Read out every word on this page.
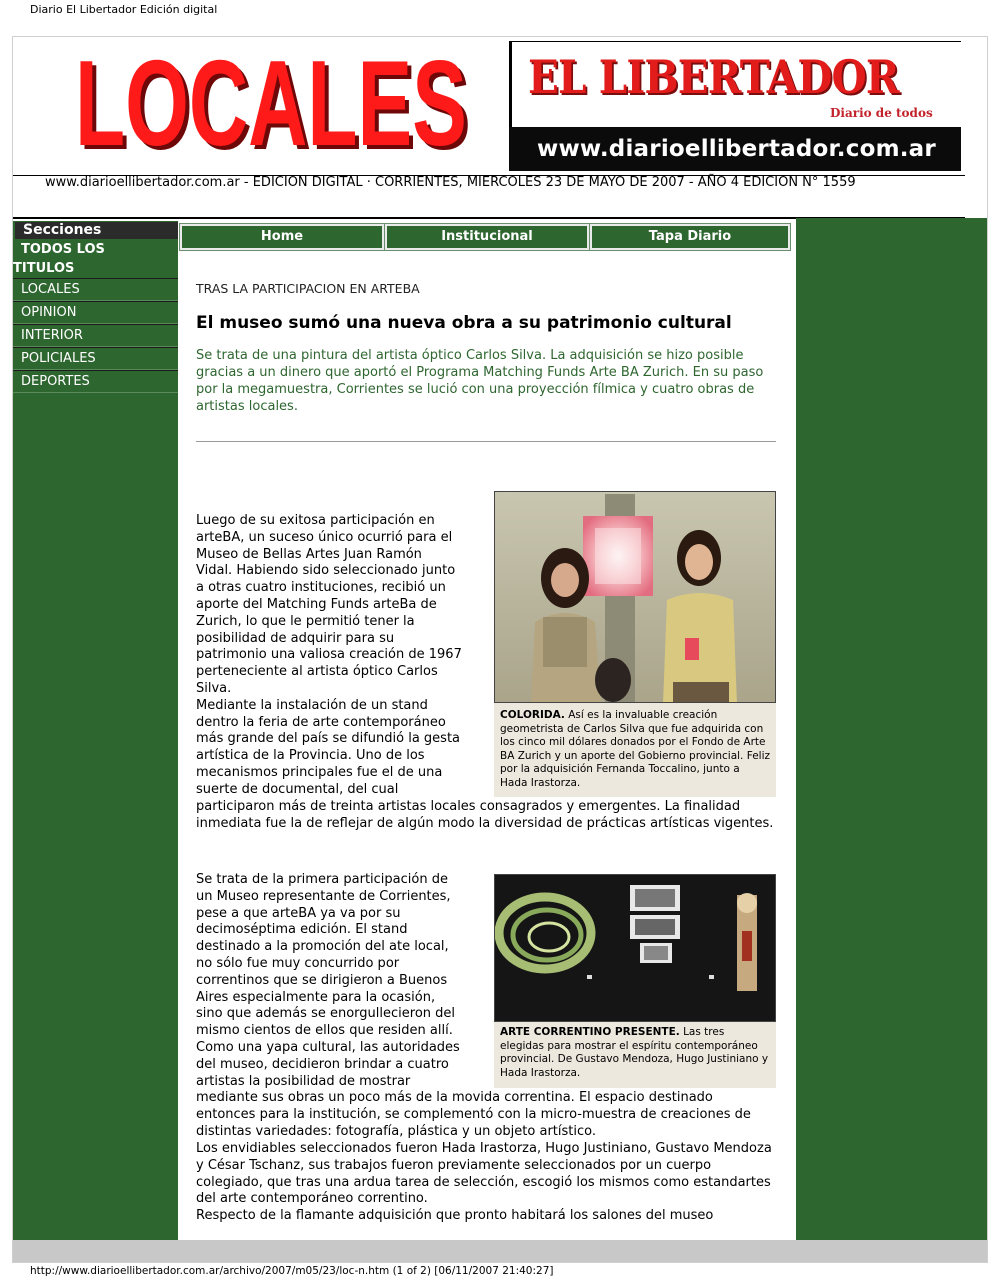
Diario El Libertador Edición digital
LOCALES
LOCALES EL LIBERTADOR
Diario de todos
www.diarioellibertador.com.ar
www.diarioellibertador.com.ar - EDICION DIGITAL · CORRIENTES, MIERCOLES 23 DE MAYO DE 2007 - AÑO 4 EDICION N° 1559
Secciones
TODOS LOS
TITULOS
LOCALES
OPINION
INTERIOR
POLICIALES
DEPORTES
Home	Institucional	Tapa Diario
TRAS LA PARTICIPACION EN ARTEBA
El museo sumó una nueva obra a su patrimonio cultural
Se trata de una pintura del artista óptico Carlos Silva. La adquisición se hizo posible gracias a un dinero que aportó el Programa Matching Funds Arte BA Zurich. En su paso por la megamuestra, Corrientes se lució con una proyección fílmica y cuatro obras de artistas locales.
Luego de su exitosa participación en
arteBA, un suceso único ocurrió para el
Museo de Bellas Artes Juan Ramón
Vidal. Habiendo sido seleccionado junto
a otras cuatro instituciones, recibió un
aporte del Matching Funds arteBa de
Zurich, lo que le permitió tener la
posibilidad de adquirir para su
patrimonio una valiosa creación de 1967
perteneciente al artista óptico Carlos
Silva.
Mediante la instalación de un stand
dentro la feria de arte contemporáneo
más grande del país se difundió la gesta
artística de la Provincia. Uno de los
mecanismos principales fue el de una
suerte de documental, del cual
participaron más de treinta artistas locales consagrados y emergentes. La finalidad inmediata fue la de reflejar de algún modo la diversidad de prácticas artísticas vigentes.
COLORIDA. Así es la invaluable creación geometrista de Carlos Silva que fue adquirida con los cinco mil dólares donados por el Fondo de Arte BA Zurich y un aporte del Gobierno provincial. Feliz por la adquisición Fernanda Toccalino, junto a Hada Irastorza.
Se trata de la primera participación de
un Museo representante de Corrientes,
pese a que arteBA ya va por su
decimoséptima edición. El stand
destinado a la promoción del ate local,
no sólo fue muy concurrido por
correntinos que se dirigieron a Buenos
Aires especialmente para la ocasión,
sino que además se enorgullecieron del
mismo cientos de ellos que residen allí.
Como una yapa cultural, las autoridades
del museo, decidieron brindar a cuatro
artistas la posibilidad de mostrar
mediante sus obras un poco más de la movida correntina. El espacio destinado entonces para la institución, se complementó con la micro-muestra de creaciones de distintas variedades: fotografía, plástica y un objeto artístico.
Los envidiables seleccionados fueron Hada Irastorza, Hugo Justiniano, Gustavo Mendoza y César Tschanz, sus trabajos fueron previamente seleccionados por un cuerpo colegiado, que tras una ardua tarea de selección, escogió los mismos como estandartes del arte contemporáneo correntino.
Respecto de la flamante adquisición que pronto habitará los salones del museo
ARTE CORRENTINO PRESENTE. Las tres elegidas para mostrar el espíritu contemporáneo provincial. De Gustavo Mendoza, Hugo Justiniano y Hada Irastorza.
http://www.diarioellibertador.com.ar/archivo/2007/m05/23/loc-n.htm (1 of 2) [06/11/2007 21:40:27]
